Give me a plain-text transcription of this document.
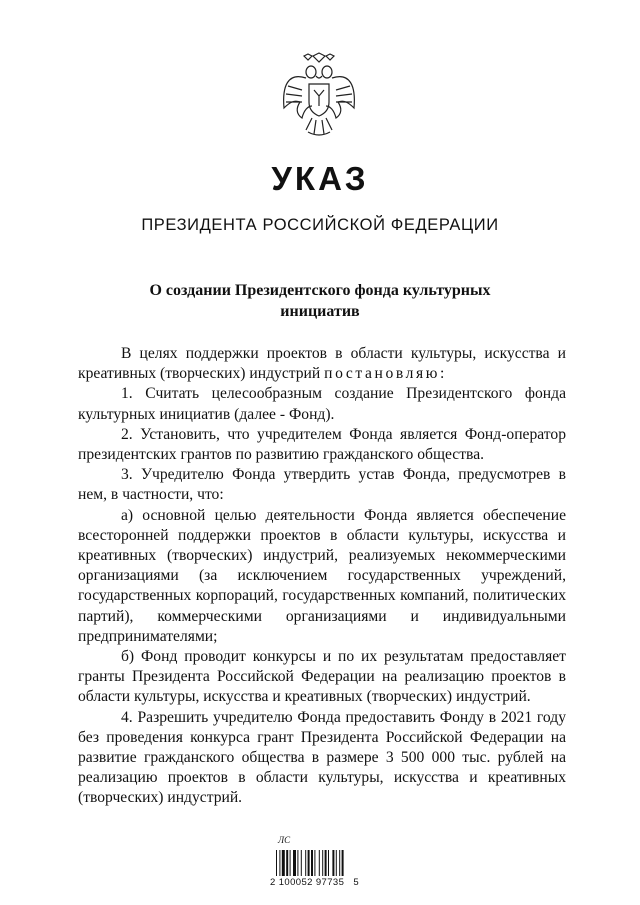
УКАЗ
ПРЕЗИДЕНТА РОССИЙСКОЙ ФЕДЕРАЦИИ
О создании Президентского фонда культурных
инициатив

В целях поддержки проектов в области культуры, искусства и креативных (творческих) индустрий постановляю:

1. Считать целесообразным создание Президентского фонда культурных инициатив (далее - Фонд).

2. Установить, что учредителем Фонда является Фонд-оператор президентских грантов по развитию гражданского общества.

3. Учредителю Фонда утвердить устав Фонда, предусмотрев в нем, в частности, что:

а) основной целью деятельности Фонда является обеспечение всесторонней поддержки проектов в области культуры, искусства и креативных (творческих) индустрий, реализуемых некоммерческими организациями (за исключением государственных учреждений, государственных корпораций, государственных компаний, политических партий), коммерческими организациями и индивидуальными предпринимателями;

б) Фонд проводит конкурсы и по их результатам предоставляет гранты Президента Российской Федерации на реализацию проектов в области культуры, искусства и креативных (творческих) индустрий.

4. Разрешить учредителю Фонда предоставить Фонду в 2021 году без проведения конкурса грант Президента Российской Федерации на развитие гражданского общества в размере 3 500 000 тыс. рублей на реализацию проектов в области культуры, искусства и креативных (творческих) индустрий.

ЛС
2 100052 97735   5
